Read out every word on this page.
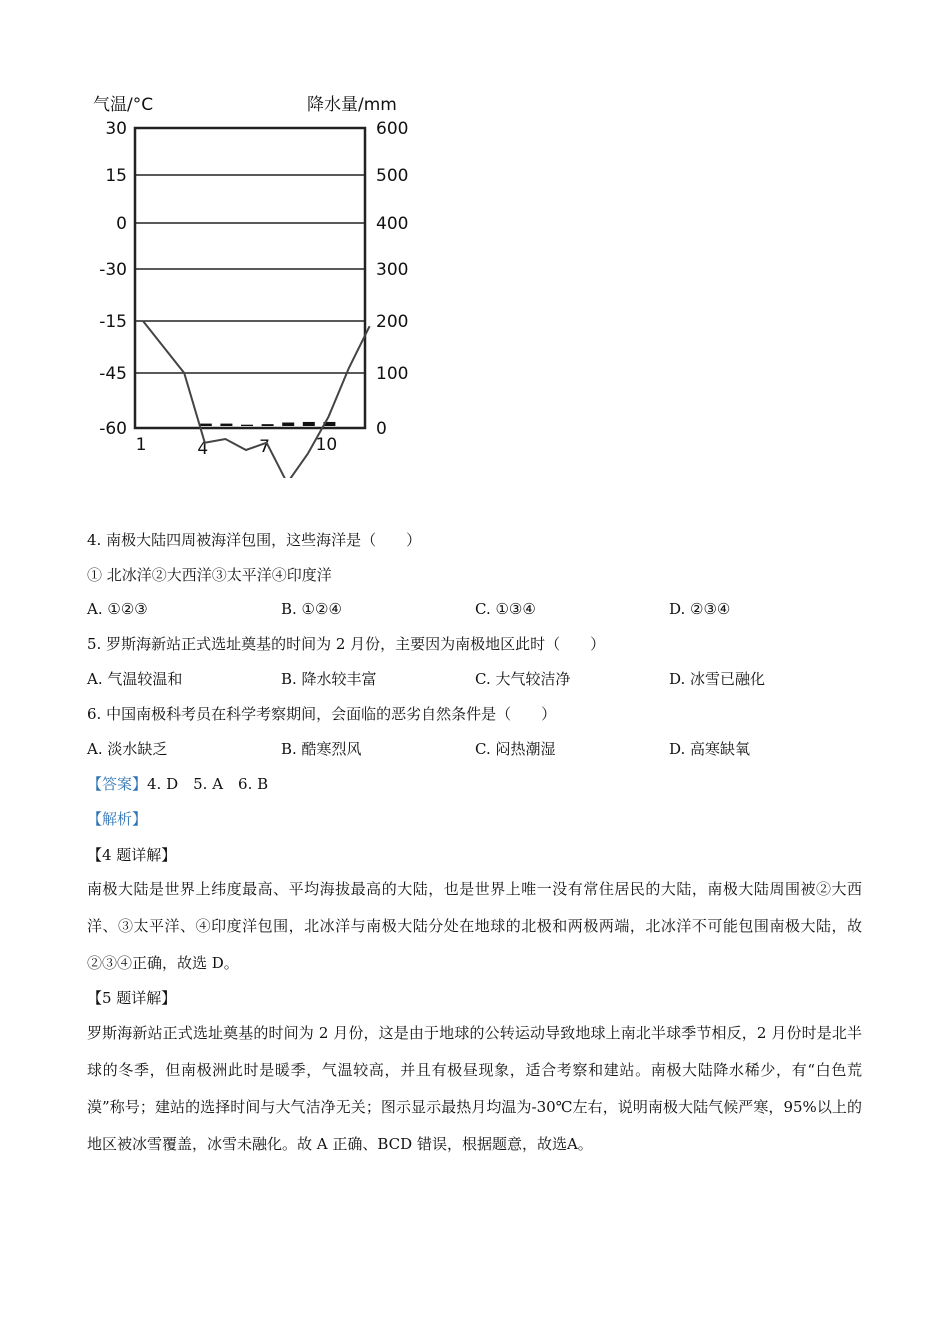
气温/°C	降水量/mm
30
15
0
-30
-15
-45
-60
600
500
400
300
200
100
0
1	4	7	10
4. 南极大陆四周被海洋包围，这些海洋是（　　）
① 北冰洋②大西洋③太平洋④印度洋
A. ①②③	B. ①②④	C. ①③④	D. ②③④
5. 罗斯海新站正式选址奠基的时间为 2 月份，主要因为南极地区此时（　　）
A. 气温较温和	B. 降水较丰富	C. 大气较洁净	D. 冰雪已融化
6. 中国南极科考员在科学考察期间，会面临的恶劣自然条件是（　　）
A. 淡水缺乏	B. 酷寒烈风	C. 闷热潮湿	D. 高寒缺氧
【答案】4. D　5. A　6. B
【解析】
【4 题详解】
南极大陆是世界上纬度最高、平均海拔最高的大陆，也是世界上唯一没有常住居民的大陆，南极大陆周围被②大西洋、③太平洋、④印度洋包围，北冰洋与南极大陆分处在地球的北极和两极两端，北冰洋不可能包围南极大陆，故②③④正确，故选 D。
【5 题详解】
罗斯海新站正式选址奠基的时间为 2 月份，这是由于地球的公转运动导致地球上南北半球季节相反，2 月份时是北半球的冬季，但南极洲此时是暖季，气温较高，并且有极昼现象，适合考察和建站。南极大陆降水稀少，有“白色荒漠”称号；建站的选择时间与大气洁净无关；图示显示最热月均温为-30℃左右，说明南极大陆气候严寒，95%以上的地区被冰雪覆盖，冰雪未融化。故 A 正确、BCD 错误，根据题意，故选A。
